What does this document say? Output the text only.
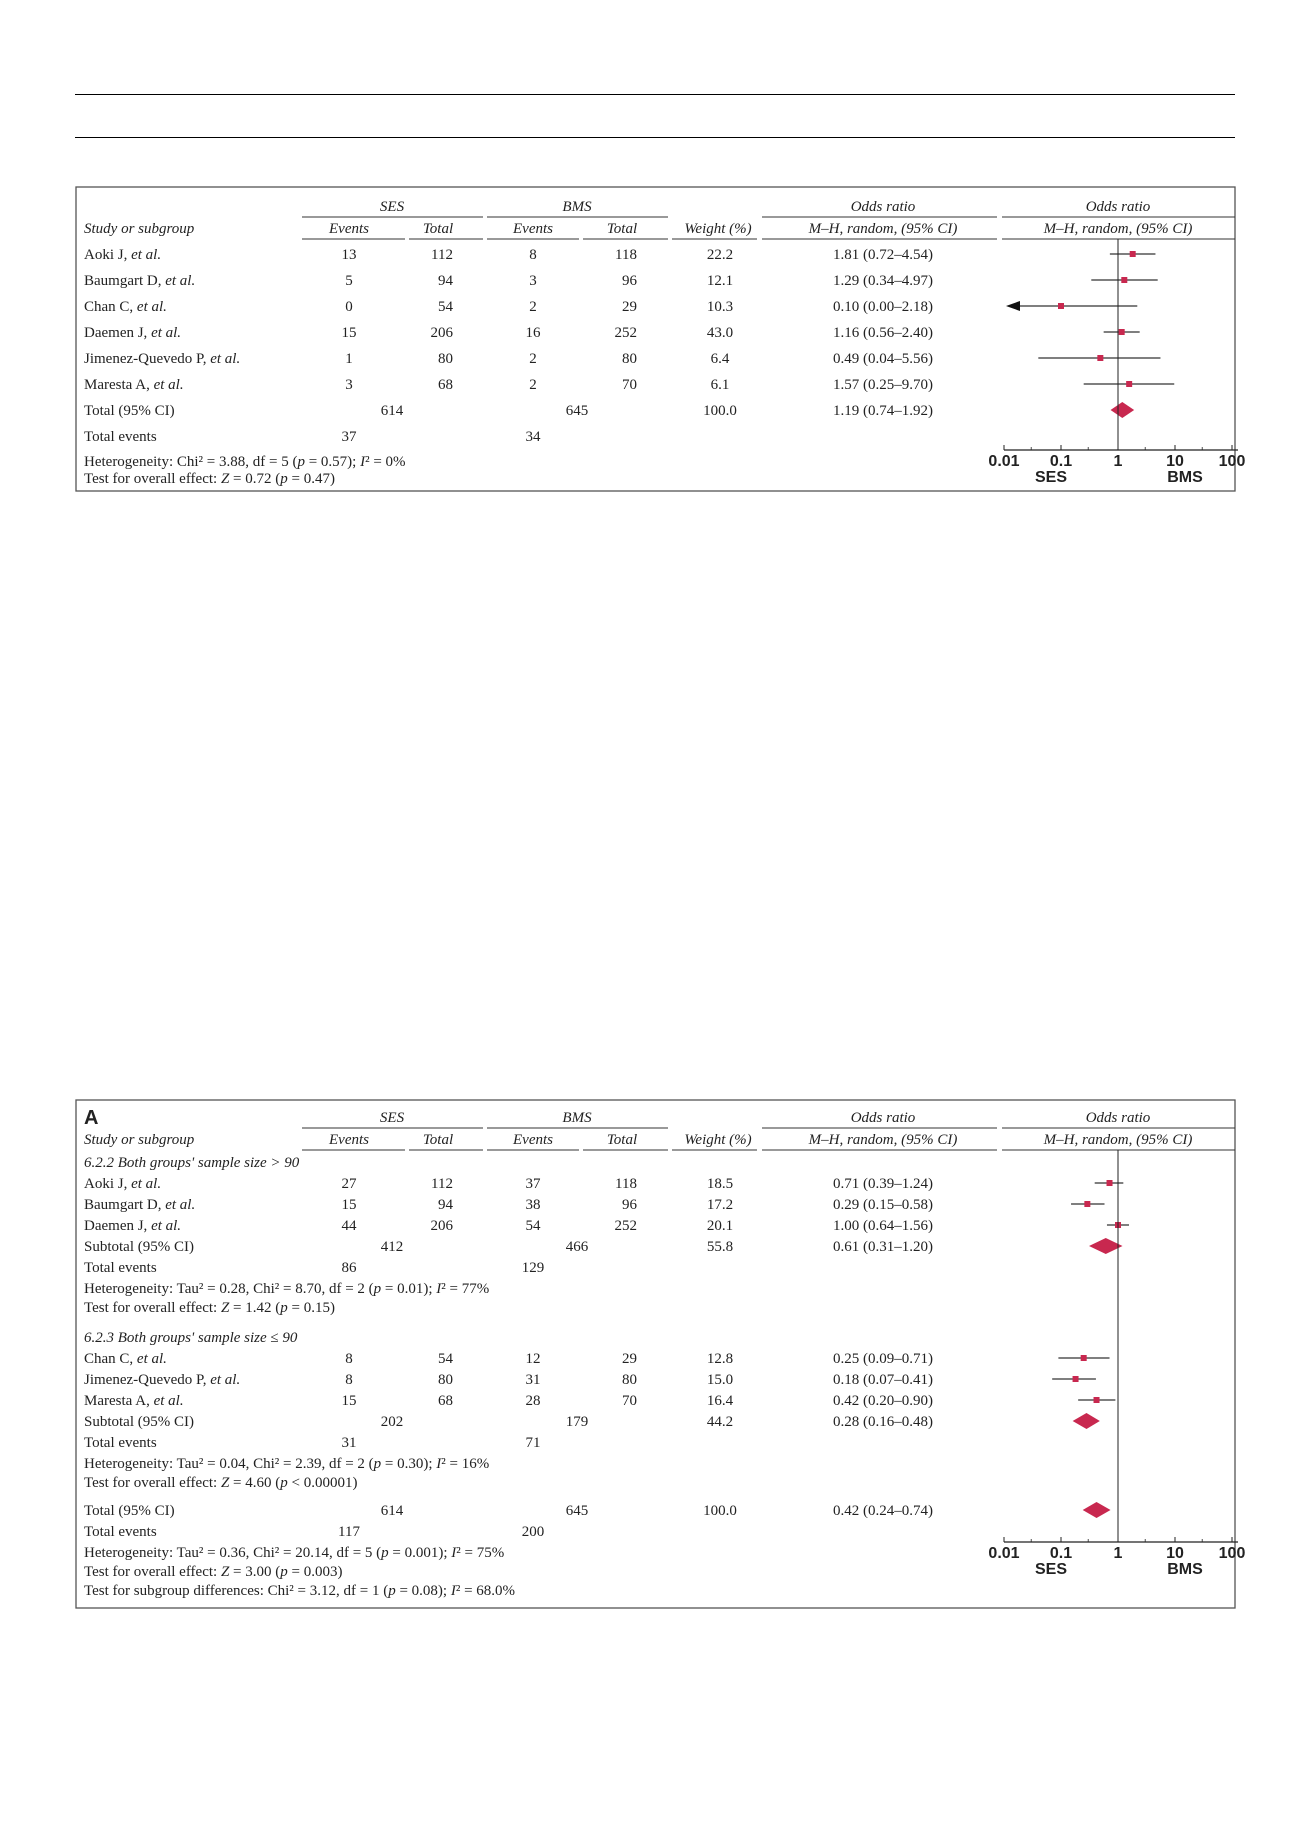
SES	BMS	Odds ratio	Odds ratio
Study or subgroup	Events	Total	Events	Total	Weight (%)	M–H, random, (95% CI)	M–H, random, (95% CI)
Aoki J, et al.	13	112	8	118	22.2	1.81 (0.72–4.54)
Baumgart D, et al.	5	94	3	96	12.1	1.29 (0.34–4.97)
Chan C, et al.	0	54	2	29	10.3	0.10 (0.00–2.18)
Daemen J, et al.	15	206	16	252	43.0	1.16 (0.56–2.40)
Jimenez-Quevedo P, et al.	1	80	2	80	6.4	0.49 (0.04–5.56)
Maresta A, et al.	3	68	2	70	6.1	1.57 (0.25–9.70)
Total (95% CI)	614	645	100.0	1.19 (0.74–1.92)
Total events	37	34
Heterogeneity: Chi² = 3.88, df = 5 (p = 0.57); I² = 0%
Test for overall effect: Z = 0.72 (p = 0.47)
0.01 0.1	1	10 100
SES	BMS
A	SES	BMS	Odds ratio	Odds ratio
Study or subgroup	Events	Total	Events	Total	Weight (%)	M–H, random, (95% CI)	M–H, random, (95% CI)
6.2.2 Both groups' sample size > 90
Aoki J, et al.	27	112	37	118	18.5	0.71 (0.39–1.24)
Baumgart D, et al.	15	94	38	96	17.2	0.29 (0.15–0.58)
Daemen J, et al.	44	206	54	252	20.1	1.00 (0.64–1.56)
Subtotal (95% CI)	412	466	55.8	0.61 (0.31–1.20)
Total events	86	129
Heterogeneity: Tau² = 0.28, Chi² = 8.70, df = 2 (p = 0.01); I² = 77%
Test for overall effect: Z = 1.42 (p = 0.15)
6.2.3 Both groups' sample size ≤ 90
Chan C, et al.	8	54	12	29	12.8	0.25 (0.09–0.71)
Jimenez-Quevedo P, et al.	8	80	31	80	15.0	0.18 (0.07–0.41)
Maresta A, et al.	15	68	28	70	16.4	0.42 (0.20–0.90)
Subtotal (95% CI)	202	179	44.2	0.28 (0.16–0.48)
Total events	31	71
Heterogeneity: Tau² = 0.04, Chi² = 2.39, df = 2 (p = 0.30); I² = 16%
Test for overall effect: Z = 4.60 (p < 0.00001)
Total (95% CI)	614	645	100.0	0.42 (0.24–0.74)
Total events	117	200
Heterogeneity: Tau² = 0.36, Chi² = 20.14, df = 5 (p = 0.001); I² = 75%
Test for overall effect: Z = 3.00 (p = 0.003)
Test for subgroup differences: Chi² = 3.12, df = 1 (p = 0.08); I² = 68.0%
0.01 0.1	1	10 100
SES	BMS
